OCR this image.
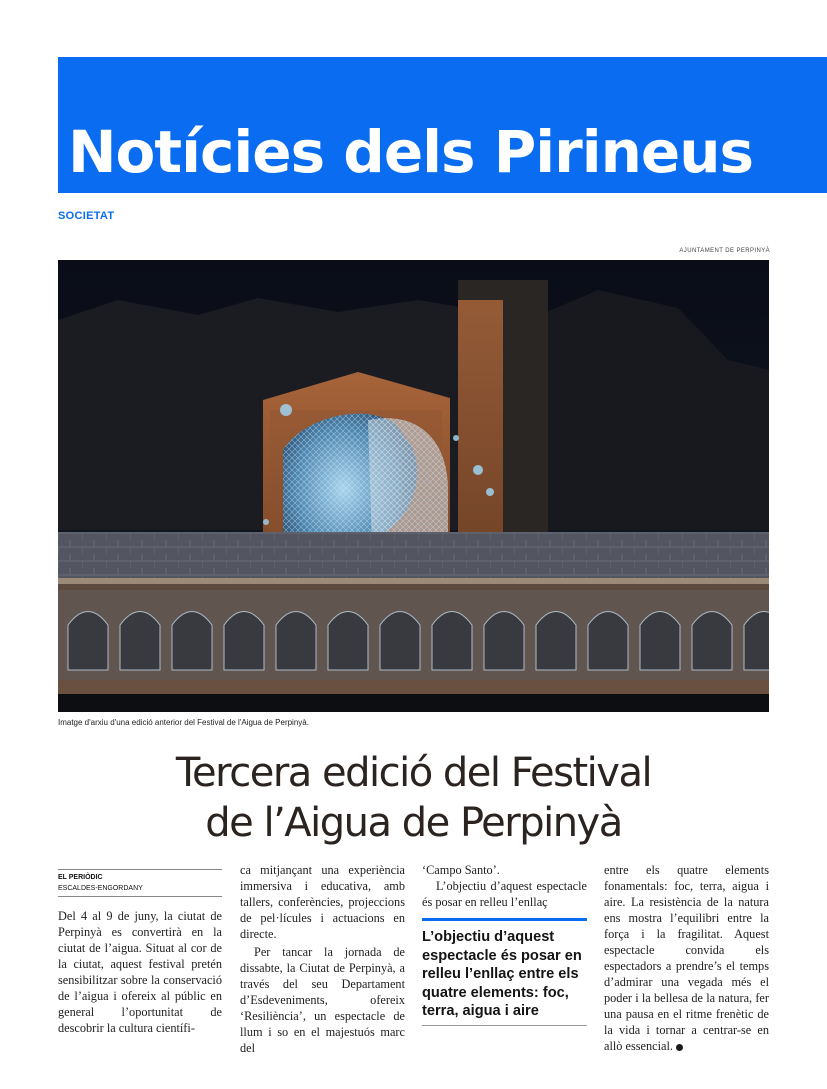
Notícies dels Pirineus
SOCIETAT
AJUNTAMENT DE PERPINYÀ
Imatge d'arxiu d'una edició anterior del Festival de l'Aigua de Perpinyà.
Tercera edició del Festival
de l’Aigua de Perpinyà
EL PERIÒDIC
ESCALDES-ENGORDANY

Del 4 al 9 de juny, la ciutat de Perpinyà es convertirà en la ciutat de l’aigua. Situat al cor de la ciutat, aquest festival pretén sensibilitzar sobre la conservació de l’aigua i ofereix al públic en general l’oportunitat de descobrir la cultura científi-

ca mitjançant una experiència immersiva i educativa, amb tallers, conferències, projeccions de pel·lícules i actuacions en directe.

Per tancar la jornada de dissabte, la Ciutat de Perpinyà, a través del seu Departament d’Esdeveniments, ofereix ‘Resiliència’, un espectacle de llum i so en el majestuós marc del

‘Campo Santo’.

L’objectiu d’aquest espectacle és posar en relleu l’enllaç

L’objectiu d’aquest espectacle és posar en relleu l’enllaç entre els quatre elements: foc, terra, aigua i aire

entre els quatre elements fonamentals: foc, terra, aigua i aire. La resistència de la natura ens mostra l’equilibri entre la força i la fragilitat. Aquest espectacle convida els espectadors a prendre’s el temps d’admirar una vegada més el poder i la bellesa de la natura, fer una pausa en el ritme frenètic de la vida i tornar a centrar-se en allò essencial.
